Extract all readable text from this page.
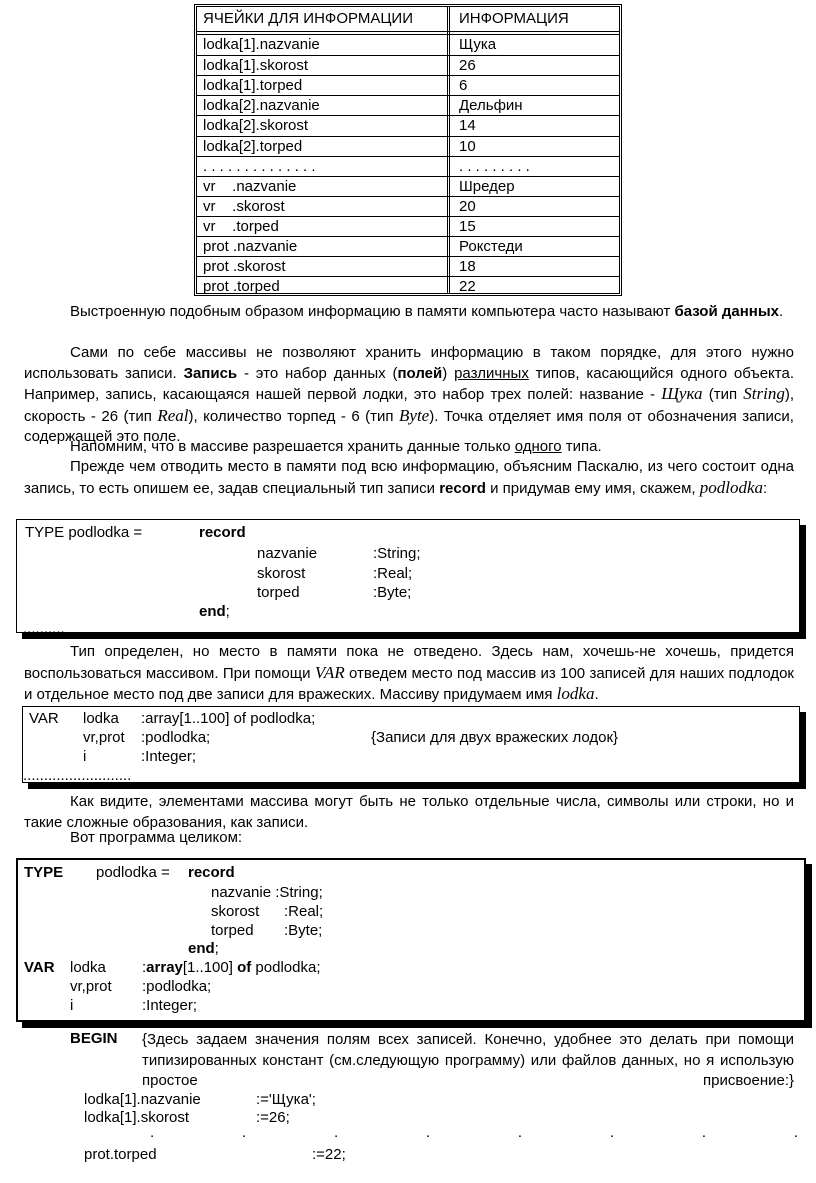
ЯЧЕЙКИ ДЛЯ ИНФОРМАЦИИ	ИНФОРМАЦИЯ
lodka[1].nazvanie	Щука
lodka[1].skorost	26
lodka[1].torped	6
lodka[2].nazvanie	Дельфин
lodka[2].skorost	14
lodka[2].torped	10
. . . . . . . . . . . . . .	. . . . . . . . .
vr    .nazvanie	Шредер
vr    .skorost	20
vr    .torped	15
prot .nazvanie	Рокстеди
prot .skorost	18
prot .torped	22
Выстроенную подобным образом информацию в памяти компьютера часто называют базой данных.
Сами по себе массивы не позволяют хранить информацию в таком порядке, для этого нужно использовать записи. Запись - это набор данных (полей) различных типов, касающийся одного объекта. Например, запись, касающаяся нашей первой лодки, это набор трех полей: название - Щука (тип String), скорость - 26 (тип Real), количество торпед - 6 (тип Byte). Точка отделяет имя поля от обозначения записи, содержащей это поле.
Напомним, что в массиве разрешается хранить данные только одного типа.
Прежде чем отводить место в памяти под всю информацию, объясним Паскалю, из чего состоит одна запись, то есть опишем ее, задав специальный тип записи record и придумав ему имя, скажем, podlodka:
TYPE podlodka =	record
nazvanie	:String;
skorost	:Real;
torped	:Byte;
end;
..........
Тип определен, но место в памяти пока не отведено. Здесь нам, хочешь-не хочешь, придется воспользоваться массивом. При помощи VAR отведем место под массив из 100 записей для наших подлодок и отдельное место под две записи для вражеских. Массиву придумаем имя lodka.
VAR lodka :array[1..100] of podlodka;
vr,prot :podlodka;	{Записи для двух вражеских лодок}
i	:Integer;
..........................
Как видите, элементами массива могут быть не только отдельные числа, символы или строки, но и такие сложные образования, как записи.
Вот программа целиком:
TYPE podlodka = record
nazvanie :String;
skorost :Real;
torped :Byte;
end;
VAR lodka :array[1..100] of podlodka;
vr,prot :podlodka;
i	:Integer;
BEGIN {Здесь задаем значения полям всех записей. Конечно, удобнее это делать при помощи типизированных констант (см.следующую программу) или файлов данных, но я использую простое присвоение:}
lodka[1].nazvanie	:='Щука';
lodka[1].skorost	:=26;
.	.	.	.	.	.	.	.
prot.torped	:=22;
